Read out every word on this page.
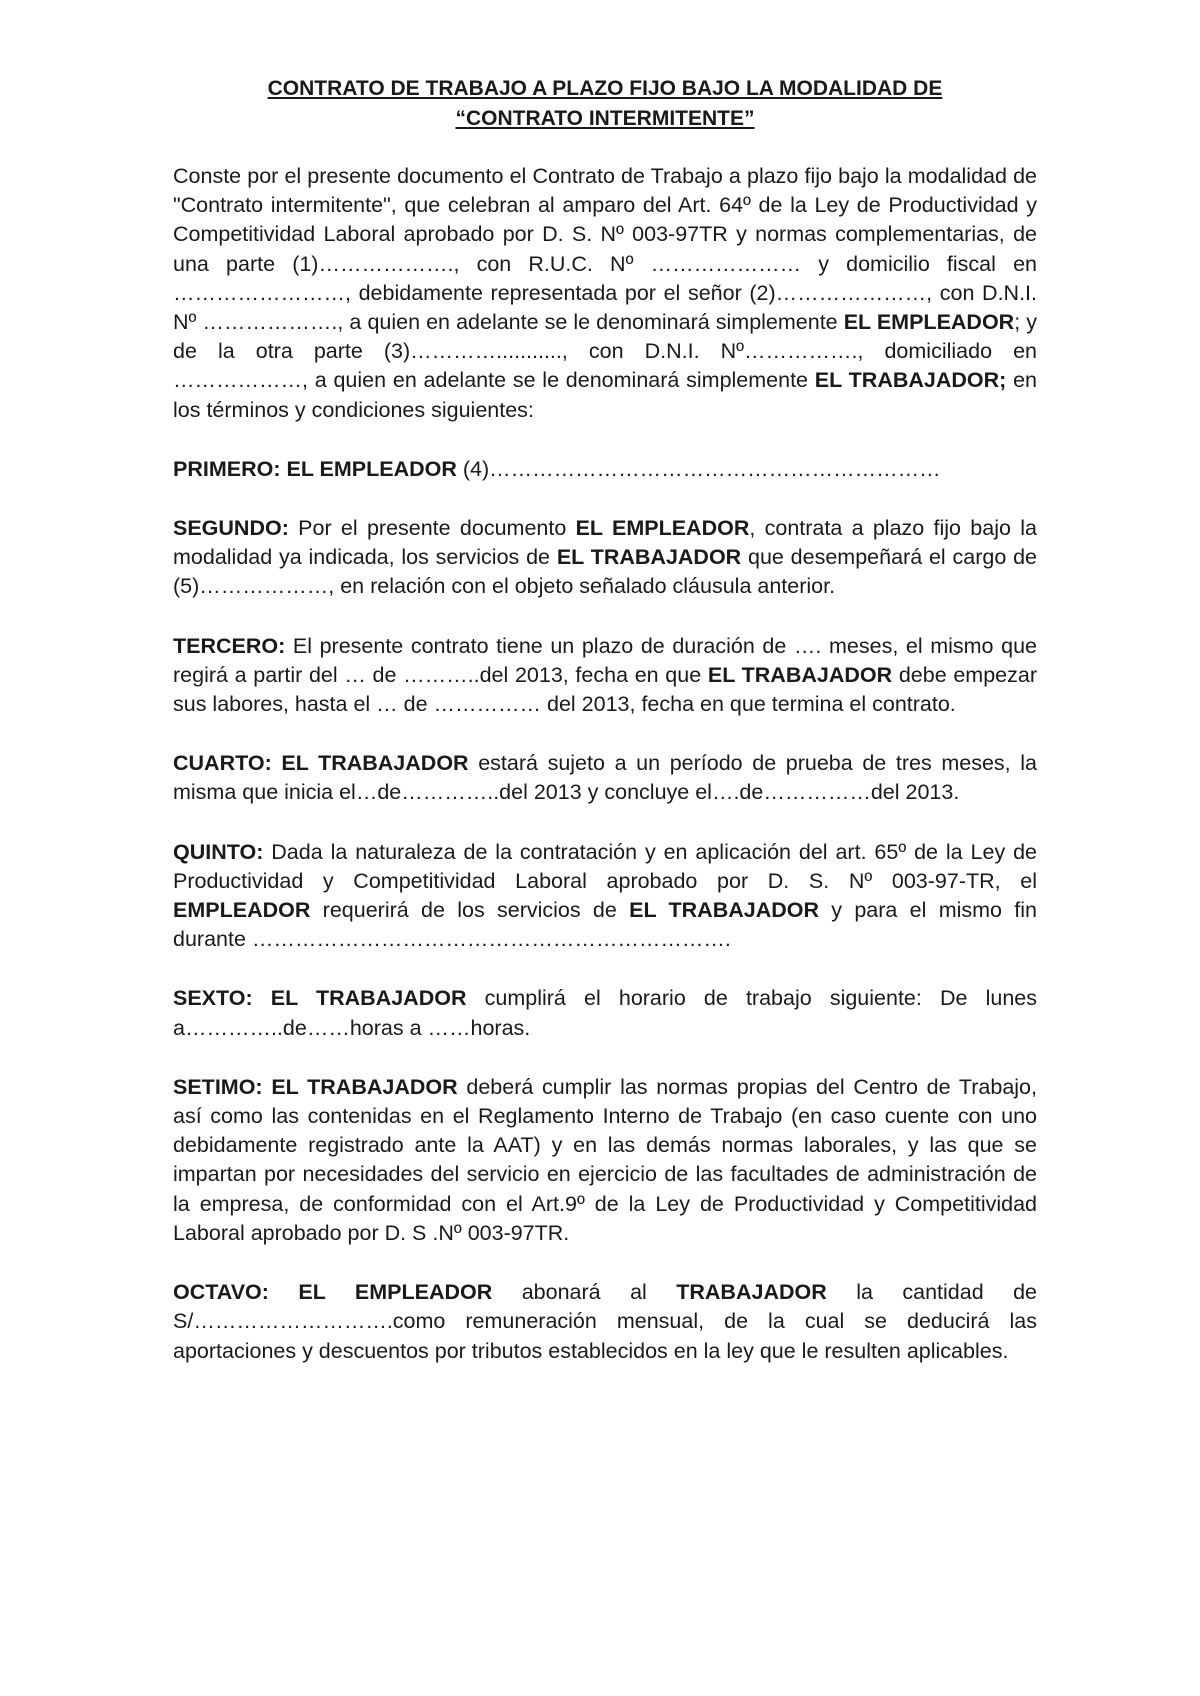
CONTRATO DE TRABAJO A PLAZO FIJO BAJO LA MODALIDAD DE
“CONTRATO INTERMITENTE”
Conste por el presente documento el Contrato de Trabajo a plazo fijo bajo la modalidad de "Contrato intermitente", que celebran al amparo del Art. 64º de la Ley de Productividad y Competitividad Laboral aprobado por D. S. Nº 003-97TR y normas complementarias, de una parte (1)………………., con R.U.C. Nº ………………… y domicilio fiscal en ……………………, debidamente representada por el señor (2)…………………, con D.N.I. Nº ………………., a quien en adelante se le denominará simplemente EL EMPLEADOR; y de la otra parte (3)…………..........., con D.N.I. Nº……………., domiciliado en ………………, a quien en adelante se le denominará simplemente EL TRABAJADOR; en los términos y condiciones siguientes:
PRIMERO: EL EMPLEADOR (4)………………………………………………………
SEGUNDO: Por el presente documento EL EMPLEADOR, contrata a plazo fijo bajo la modalidad ya indicada, los servicios de EL TRABAJADOR que desempeñará el cargo de (5)………………, en relación con el objeto señalado cláusula anterior.
TERCERO: El presente contrato tiene un plazo de duración de …. meses, el mismo que regirá a partir del … de ………..del 2013, fecha en que EL TRABAJADOR debe empezar sus labores, hasta el … de …………… del 2013, fecha en que termina el contrato.
CUARTO: EL TRABAJADOR estará sujeto a un período de prueba de tres meses, la misma que inicia el…de…………..del 2013 y concluye el….de……………del 2013.
QUINTO: Dada la naturaleza de la contratación y en aplicación del art. 65º de la Ley de Productividad y Competitividad Laboral aprobado por D. S. Nº 003-97-TR, el EMPLEADOR requerirá de los servicios de EL TRABAJADOR y para el mismo fin durante ………………………………………………………….
SEXTO: EL TRABAJADOR cumplirá el horario de trabajo siguiente: De lunes a…………..de……horas a ……horas.
SETIMO: EL TRABAJADOR deberá cumplir las normas propias del Centro de Trabajo, así como las contenidas en el Reglamento Interno de Trabajo (en caso cuente con uno debidamente registrado ante la AAT) y en las demás normas laborales, y las que se impartan por necesidades del servicio en ejercicio de las facultades de administración de la empresa, de conformidad con el Art.9º de la Ley de Productividad y Competitividad Laboral aprobado por D. S .Nº 003-97TR.
OCTAVO: EL EMPLEADOR abonará al TRABAJADOR la cantidad de S/……………………….como remuneración mensual, de la cual se deducirá las aportaciones y descuentos por tributos establecidos en la ley que le resulten aplicables.
